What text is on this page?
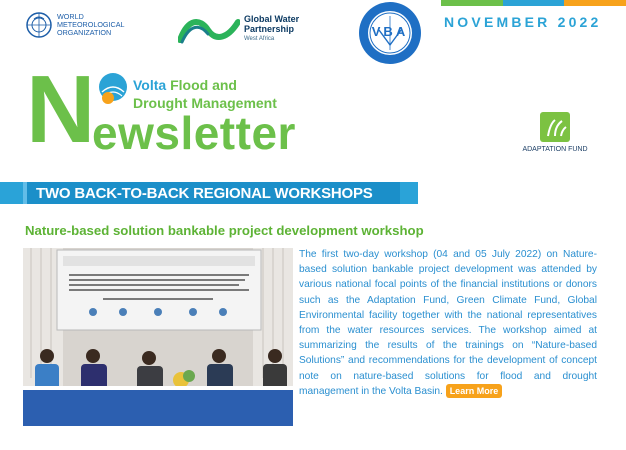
NOVEMBER 2022
WORLD
METEOROLOGICAL
ORGANIZATION
Global Water
Partnership
West Africa	VBA
N	Volta Flood and
Drought Management
ewsletter	ADAPTATION FUND
TWO BACK-TO-BACK REGIONAL WORKSHOPS
Nature-based solution bankable project development workshop
The first two-day workshop (04 and 05 July 2022) on Nature-based solution bankable project development was attended by various national focal points of the financial institutions or donors such as the Adaptation Fund, Green Climate Fund, Global Environmental facility together with the national representatives from the water resources services. The workshop aimed at summarizing the results of the trainings on “Nature-based Solutions” and recommendations for the development of concept note on nature-based solutions for flood and drought management in the Volta Basin. Learn More
